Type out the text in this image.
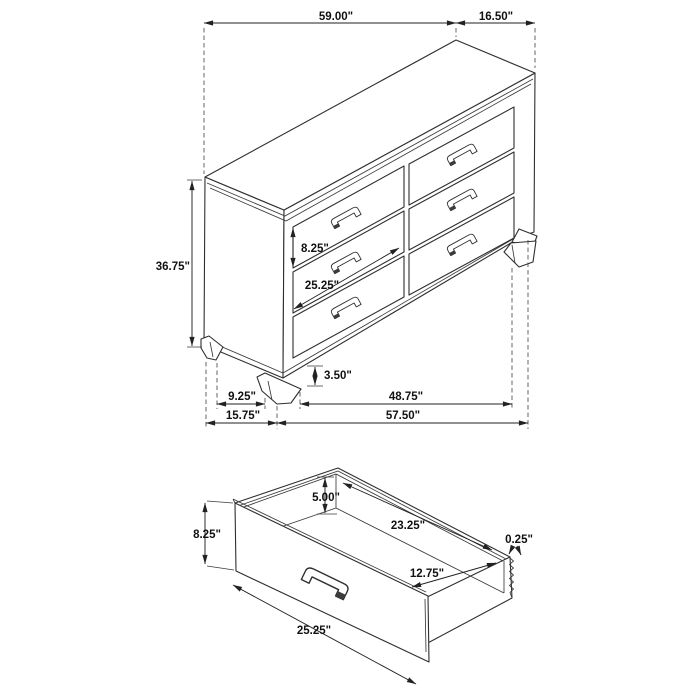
59.00"	16.50"
36.75"
8.25"
25.25"
3.50"
9.25"	48.75"
15.75"	57.50"
5.00"
23.25"
8.25"	0.25"
12.75"
25.25"
